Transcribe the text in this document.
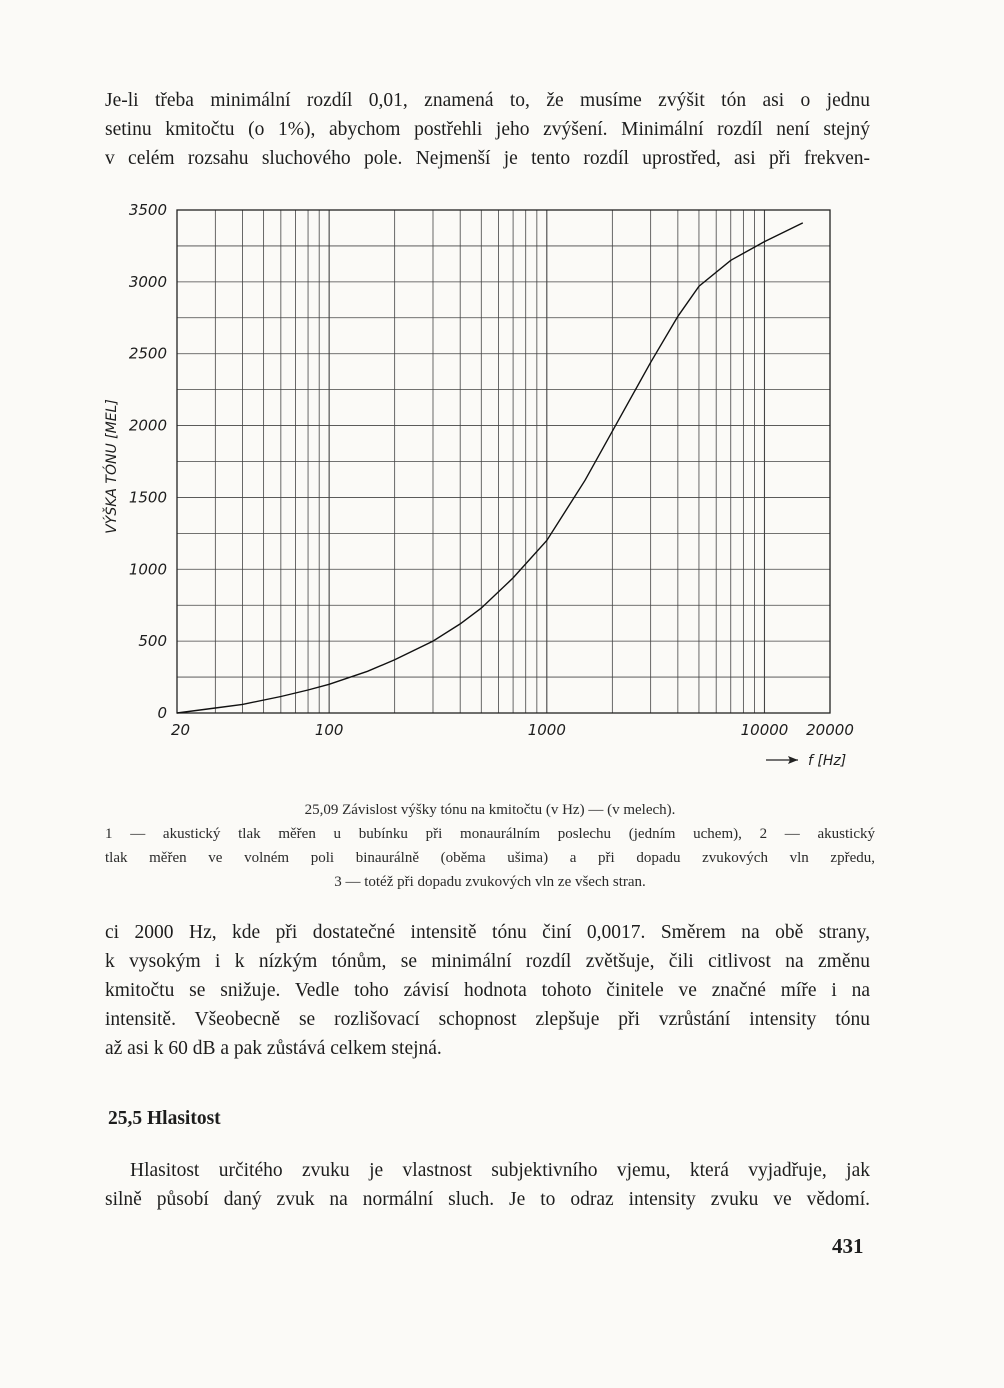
Je-li třeba minimální rozdíl 0,01, znamená to, že musíme zvýšit tón asi o jednu
setinu kmitočtu (o 1%), abychom postřehli jeho zvýšení. Minimální rozdíl není stejný
v celém rozsahu sluchového pole. Nejmenší je tento rozdíl uprostřed, asi při frekven-
0
500
1000
1500
2000
2500
3000
3500
20	100	1000	10000 20000
VÝŠKA TÓNU [MEL]
f [Hz]
25,09 Závislost výšky tónu na kmitočtu (v Hz) — (v melech).
1 — akustický tlak měřen u bubínku při monaurálním poslechu (jedním uchem), 2 — akustický
tlak měřen ve volném poli binaurálně (oběma ušima) a při dopadu zvukových vln zpředu,
3 — totéž při dopadu zvukových vln ze všech stran.
ci 2000 Hz, kde při dostatečné intensitě tónu činí 0,0017. Směrem na obě strany,
k vysokým i k nízkým tónům, se minimální rozdíl zvětšuje, čili citlivost na změnu
kmitočtu se snižuje. Vedle toho závisí hodnota tohoto činitele ve značné míře i na
intensitě. Všeobecně se rozlišovací schopnost zlepšuje při vzrůstání intensity tónu
až asi k 60 dB a pak zůstává celkem stejná.
25,5 Hlasitost
Hlasitost určitého zvuku je vlastnost subjektivního vjemu, která vyjadřuje, jak
silně působí daný zvuk na normální sluch. Je to odraz intensity zvuku ve vědomí.
431
